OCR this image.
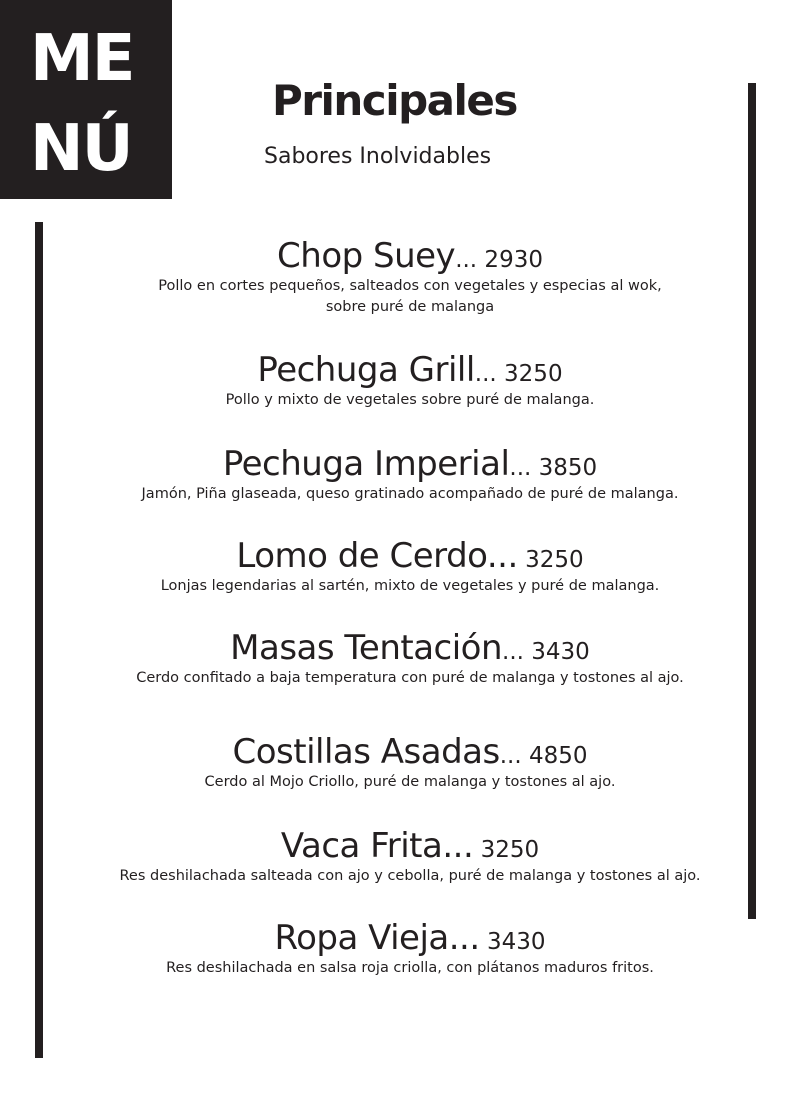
ME
NÚ
Principales
Sabores Inolvidables
Chop Suey... 2930
Pollo en cortes pequeños, salteados con vegetales y especias al wok,
sobre puré de malanga
Pechuga Grill... 3250
Pollo y mixto de vegetales sobre puré de malanga.
Pechuga Imperial... 3850
Jamón, Piña glaseada, queso gratinado acompañado de puré de malanga.
Lomo de Cerdo... 3250
Lonjas legendarias al sartén, mixto de vegetales y puré de malanga.
Masas Tentación... 3430
Cerdo confitado a baja temperatura con puré de malanga y tostones al ajo.
Costillas Asadas... 4850
Cerdo al Mojo Criollo, puré de malanga y tostones al ajo.
Vaca Frita... 3250
Res deshilachada salteada con ajo y cebolla, puré de malanga y tostones al ajo.
Ropa Vieja... 3430
Res deshilachada en salsa roja criolla, con plátanos maduros fritos.
